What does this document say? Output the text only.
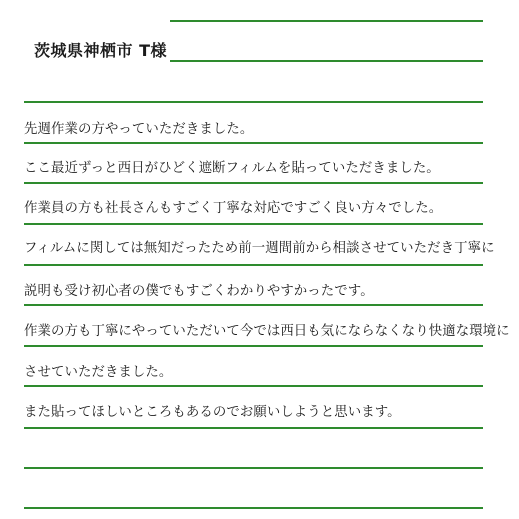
茨城県神栖市 T様
先週作業の方やっていただきました。
ここ最近ずっと西日がひどく遮断フィルムを貼っていただきました。
作業員の方も社長さんもすごく丁寧な対応ですごく良い方々でした。
フィルムに関しては無知だったため前一週間前から相談させていただき丁寧に
説明も受け初心者の僕でもすごくわかりやすかったです。
作業の方も丁寧にやっていただいて今では西日も気にならなくなり快適な環境に
させていただきました。
また貼ってほしいところもあるのでお願いしようと思います。
